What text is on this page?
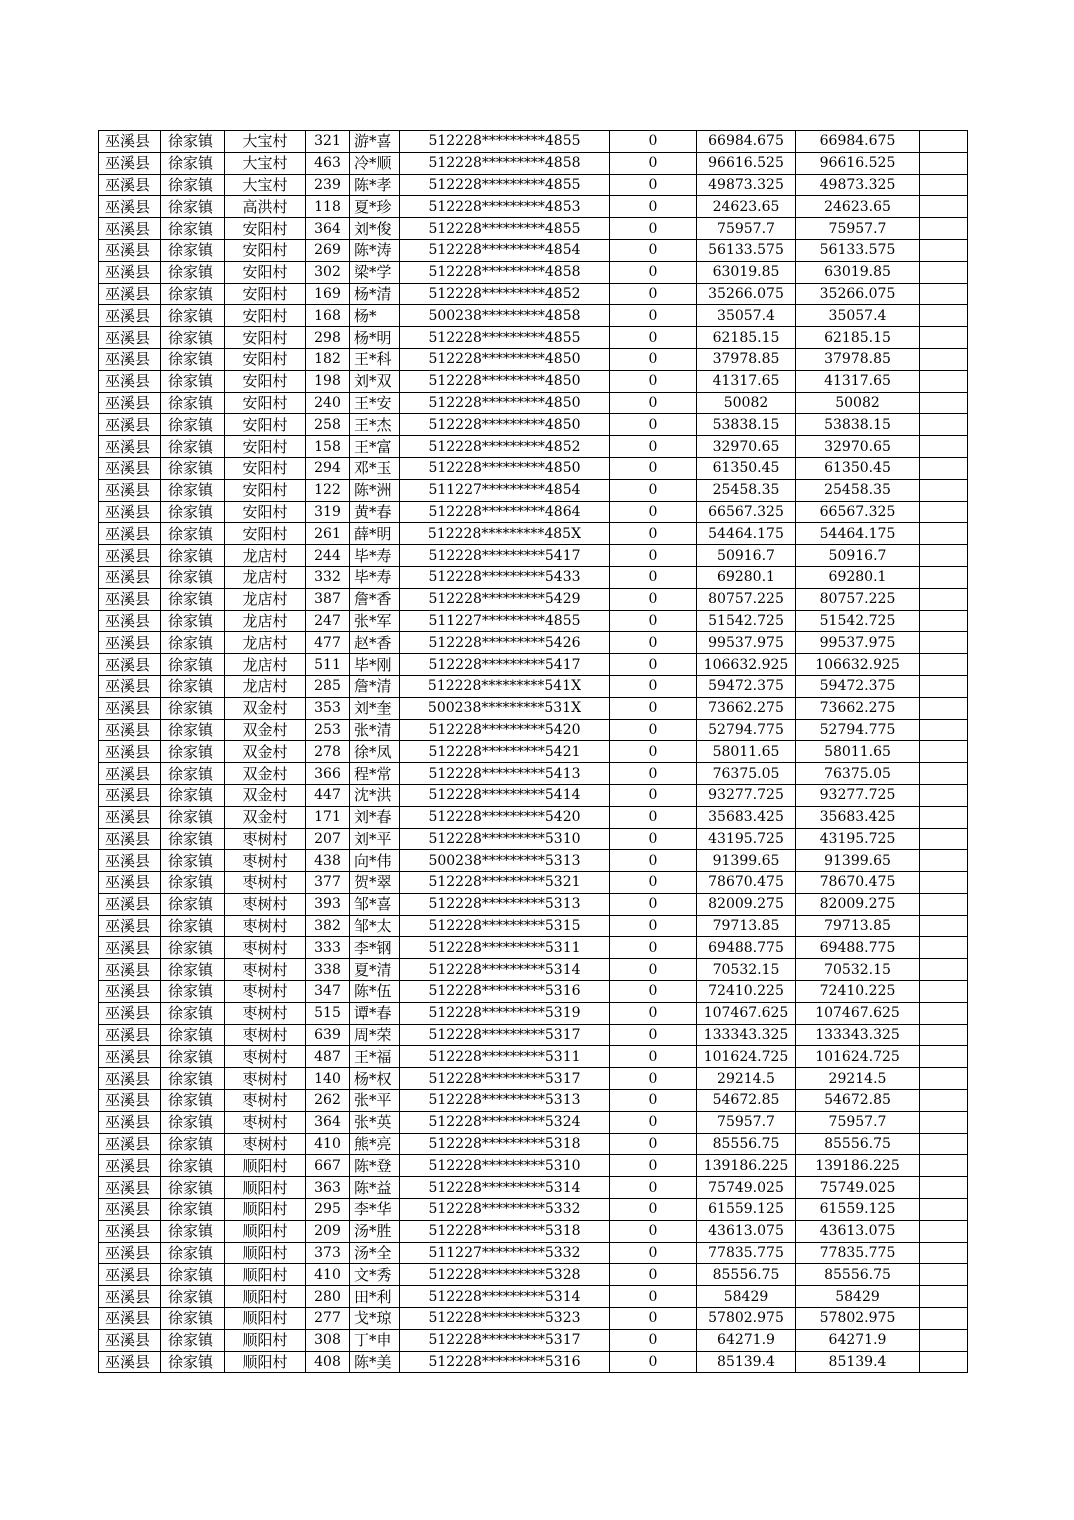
巫溪县	徐家镇	大宝村	321	游*喜	512228*********4855	0	66984.675	66984.675	
巫溪县	徐家镇	大宝村	463	冷*顺	512228*********4858	0	96616.525	96616.525	
巫溪县	徐家镇	大宝村	239	陈*孝	512228*********4855	0	49873.325	49873.325	
巫溪县	徐家镇	高洪村	118	夏*珍	512228*********4853	0	24623.65	24623.65	
巫溪县	徐家镇	安阳村	364	刘*俊	512228*********4855	0	75957.7	75957.7	
巫溪县	徐家镇	安阳村	269	陈*涛	512228*********4854	0	56133.575	56133.575	
巫溪县	徐家镇	安阳村	302	梁*学	512228*********4858	0	63019.85	63019.85	
巫溪县	徐家镇	安阳村	169	杨*清	512228*********4852	0	35266.075	35266.075	
巫溪县	徐家镇	安阳村	168	杨*	500238*********4858	0	35057.4	35057.4	
巫溪县	徐家镇	安阳村	298	杨*明	512228*********4855	0	62185.15	62185.15	
巫溪县	徐家镇	安阳村	182	王*科	512228*********4850	0	37978.85	37978.85	
巫溪县	徐家镇	安阳村	198	刘*双	512228*********4850	0	41317.65	41317.65	
巫溪县	徐家镇	安阳村	240	王*安	512228*********4850	0	50082	50082	
巫溪县	徐家镇	安阳村	258	王*杰	512228*********4850	0	53838.15	53838.15	
巫溪县	徐家镇	安阳村	158	王*富	512228*********4852	0	32970.65	32970.65	
巫溪县	徐家镇	安阳村	294	邓*玉	512228*********4850	0	61350.45	61350.45	
巫溪县	徐家镇	安阳村	122	陈*洲	511227*********4854	0	25458.35	25458.35	
巫溪县	徐家镇	安阳村	319	黄*春	512228*********4864	0	66567.325	66567.325	
巫溪县	徐家镇	安阳村	261	薛*明	512228*********485X	0	54464.175	54464.175	
巫溪县	徐家镇	龙店村	244	毕*寿	512228*********5417	0	50916.7	50916.7	
巫溪县	徐家镇	龙店村	332	毕*寿	512228*********5433	0	69280.1	69280.1	
巫溪县	徐家镇	龙店村	387	詹*香	512228*********5429	0	80757.225	80757.225	
巫溪县	徐家镇	龙店村	247	张*军	511227*********4855	0	51542.725	51542.725	
巫溪县	徐家镇	龙店村	477	赵*香	512228*********5426	0	99537.975	99537.975	
巫溪县	徐家镇	龙店村	511	毕*刚	512228*********5417	0	106632.925	106632.925	
巫溪县	徐家镇	龙店村	285	詹*清	512228*********541X	0	59472.375	59472.375	
巫溪县	徐家镇	双金村	353	刘*奎	500238*********531X	0	73662.275	73662.275	
巫溪县	徐家镇	双金村	253	张*清	512228*********5420	0	52794.775	52794.775	
巫溪县	徐家镇	双金村	278	徐*凤	512228*********5421	0	58011.65	58011.65	
巫溪县	徐家镇	双金村	366	程*常	512228*********5413	0	76375.05	76375.05	
巫溪县	徐家镇	双金村	447	沈*洪	512228*********5414	0	93277.725	93277.725	
巫溪县	徐家镇	双金村	171	刘*春	512228*********5420	0	35683.425	35683.425	
巫溪县	徐家镇	枣树村	207	刘*平	512228*********5310	0	43195.725	43195.725	
巫溪县	徐家镇	枣树村	438	向*伟	500238*********5313	0	91399.65	91399.65	
巫溪县	徐家镇	枣树村	377	贺*翠	512228*********5321	0	78670.475	78670.475	
巫溪县	徐家镇	枣树村	393	邹*喜	512228*********5313	0	82009.275	82009.275	
巫溪县	徐家镇	枣树村	382	邹*太	512228*********5315	0	79713.85	79713.85	
巫溪县	徐家镇	枣树村	333	李*钢	512228*********5311	0	69488.775	69488.775	
巫溪县	徐家镇	枣树村	338	夏*清	512228*********5314	0	70532.15	70532.15	
巫溪县	徐家镇	枣树村	347	陈*伍	512228*********5316	0	72410.225	72410.225	
巫溪县	徐家镇	枣树村	515	谭*春	512228*********5319	0	107467.625	107467.625	
巫溪县	徐家镇	枣树村	639	周*荣	512228*********5317	0	133343.325	133343.325	
巫溪县	徐家镇	枣树村	487	王*福	512228*********5311	0	101624.725	101624.725	
巫溪县	徐家镇	枣树村	140	杨*权	512228*********5317	0	29214.5	29214.5	
巫溪县	徐家镇	枣树村	262	张*平	512228*********5313	0	54672.85	54672.85	
巫溪县	徐家镇	枣树村	364	张*英	512228*********5324	0	75957.7	75957.7	
巫溪县	徐家镇	枣树村	410	熊*亮	512228*********5318	0	85556.75	85556.75	
巫溪县	徐家镇	顺阳村	667	陈*登	512228*********5310	0	139186.225	139186.225	
巫溪县	徐家镇	顺阳村	363	陈*益	512228*********5314	0	75749.025	75749.025	
巫溪县	徐家镇	顺阳村	295	李*华	512228*********5332	0	61559.125	61559.125	
巫溪县	徐家镇	顺阳村	209	汤*胜	512228*********5318	0	43613.075	43613.075	
巫溪县	徐家镇	顺阳村	373	汤*全	511227*********5332	0	77835.775	77835.775	
巫溪县	徐家镇	顺阳村	410	文*秀	512228*********5328	0	85556.75	85556.75	
巫溪县	徐家镇	顺阳村	280	田*利	512228*********5314	0	58429	58429	
巫溪县	徐家镇	顺阳村	277	戈*琼	512228*********5323	0	57802.975	57802.975	
巫溪县	徐家镇	顺阳村	308	丁*申	512228*********5317	0	64271.9	64271.9	
巫溪县	徐家镇	顺阳村	408	陈*美	512228*********5316	0	85139.4	85139.4	
